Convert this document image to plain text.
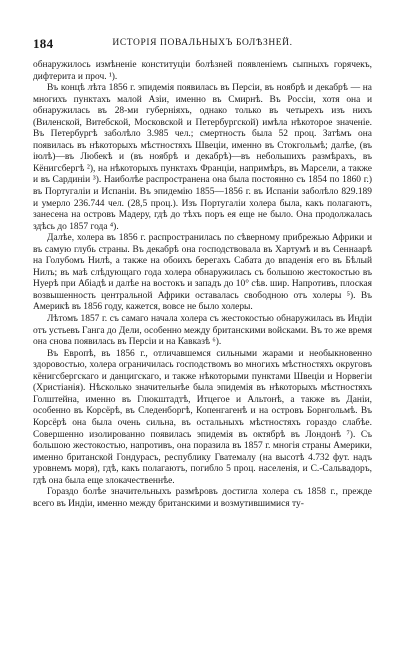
184	ИСТОРІЯ ПОВАЛЬНЫХЪ БОЛѢЗНЕЙ.

обнаружилось измѣненіе конституціи болѣзней появленіемъ сыпныхъ горячекъ, дифтерита и проч. ¹).

Въ концѣ лѣта 1856 г. эпидемія появилась въ Персіи, въ ноябрѣ и декабрѣ — на многихъ пунктахъ малой Азіи, именно въ Смирнѣ. Въ Россіи, хотя она и обнаружилась въ 28-ми губерніяхъ, однако только въ четырехъ изъ нихъ (Виленской, Витебской, Московской и Петербургской) имѣла нѣкоторое значеніе. Въ Петербургѣ заболѣло 3.985 чел.; смертность была 52 проц. Затѣмъ она появилась въ нѣкоторыхъ мѣстностяхъ Швеціи, именно въ Стокгольмѣ; далѣе, (въ іюлѣ)—въ Любекѣ и (въ ноябрѣ и декабрѣ)—въ небольшихъ размѣрахъ, въ Кёнигсбергѣ ²), на нѣкоторыхъ пунктахъ Франціи, напримѣръ, въ Марсели, а также и въ Сардиніи ³). Наиболѣе распространена она была постоянно съ 1854 по 1860 г.) въ Португаліи и Испаніи. Въ эпидемію 1855—1856 г. въ Испаніи заболѣло 829.189 и умерло 236.744 чел. (28,5 проц.). Изъ Португаліи холера была, какъ полагаютъ, занесена на островъ Мадеру, гдѣ до тѣхъ поръ ея еще не было. Она продолжалась здѣсь до 1857 года ⁴).

Далѣе, холера въ 1856 г. распространилась по сѣверному прибрежью Африки и въ самую глубь страны. Въ декабрѣ она господствовала въ Хартумѣ и въ Сеннаарѣ на Голубомъ Нилѣ, а также на обоихъ берегахъ Сабата до впаденія его въ Бѣлый Нилъ; въ маѣ слѣдующаго года холера обнаружилась съ большою жестокостью въ Нуерѣ при Абіадѣ и далѣе на востокъ и западъ до 10° сѣв. шир. Напротивъ, плоская возвышенность центральной Африки оставалась свободною отъ холеры ⁵). Въ Америкѣ въ 1856 году, кажется, вовсе не было холеры.

Лѣтомъ 1857 г. съ самаго начала холера съ жестокостью обнаружилась въ Индіи отъ устьевъ Ганга до Дели, особенно между британскими войсками. Въ то же время она снова появилась въ Персіи и на Кавказѣ ⁶).

Въ Европѣ, въ 1856 г., отличавшемся сильными жарами и необыкновенно здоровостью, холера ограничилась господствомъ во многихъ мѣстностяхъ округовъ кёнигсбергскаго и данцигскаго, и также нѣкоторыми пунктами Швеціи и Норвегіи (Христіанія). Нѣсколько значительнѣе была эпидемія въ нѣкоторыхъ мѣстностяхъ Голштейна, именно въ Глюкштадтѣ, Итцегое и Альтонѣ, а также въ Даніи, особенно въ Корсёрѣ, въ Следенборгѣ, Копенгагенѣ и на островъ Борнгольмѣ. Въ Корсёрѣ она была очень сильна, въ остальныхъ мѣстностяхъ гораздо слабѣе. Совершенно изолированно появилась эпидемія въ октябрѣ въ Лондонѣ ⁷). Съ большою жестокостью, напротивъ, она поразила въ 1857 г. многія страны Америки, именно британской Гондурасъ, республику Гватемалу (на высотѣ 4.732 фут. надъ уровнемъ моря), гдѣ, какъ полагаютъ, погибло 5 проц. населенія, и С.-Сальвадоръ, гдѣ она была еще злокачественнѣе.

Гораздо болѣе значительныхъ размѣровъ достигла холера съ 1858 г., прежде всего въ Индіи, именно между британскими и возмутившимися ту-
